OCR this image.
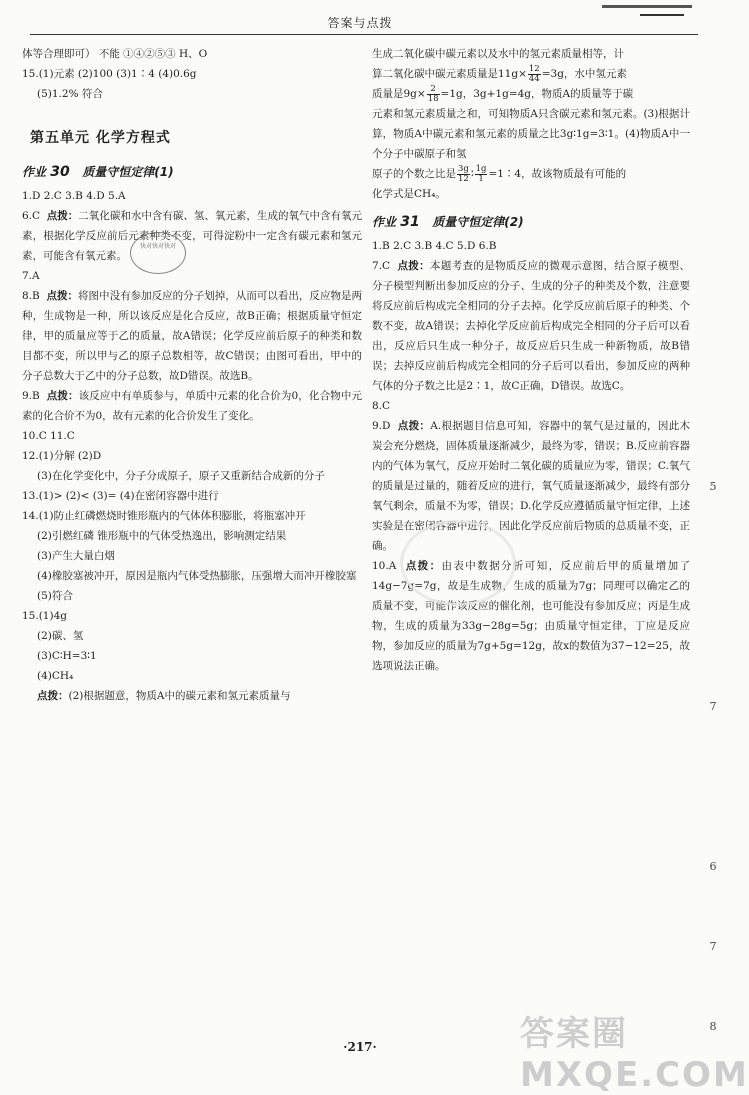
答案与点拨

体等合理即可） 不能 ①④②⑤③ H、O

15.(1)元素 (2)100 (3)1∶4 (4)0.6g

(5)1.2% 符合

第五单元 化学方程式

作业 30 质量守恒定律(1)

1.D 2.C 3.B 4.D 5.A

6.C 点拨：二氧化碳和水中含有碳、氢、氧元素，生成的氧气中含有氧元素，根据化学反应前后元素种类不变，可得淀粉中一定含有碳元素和氢元素，可能含有氧元素。

7.A

8.B 点拨：将图中没有参加反应的分子划掉，从而可以看出，反应物是两种，生成物是一种，所以该反应是化合反应，故B正确；根据质量守恒定律，甲的质量应等于乙的质量，故A错误；化学反应前后原子的种类和数目都不变，所以甲与乙的原子总数相等，故C错误；由图可看出，甲中的分子总数大于乙中的分子总数，故D错误。故选B。

9.B 点拨：该反应中有单质参与，单质中元素的化合价为0，化合物中元素的化合价不为0，故有元素的化合价发生了变化。

10.C 11.C

12.(1)分解 (2)D

(3)在化学变化中，分子分成原子，原子又重新结合成新的分子

13.(1)> (2)< (3)= (4)在密闭容器中进行

14.(1)防止红磷燃烧时锥形瓶内的气体体积膨胀，将瓶塞冲开

(2)引燃红磷 锥形瓶中的气体受热逸出，影响测定结果

(3)产生大量白烟

(4)橡胶塞被冲开，原因是瓶内气体受热膨胀，压强增大而冲开橡胶塞

(5)符合

15.(1)4g

(2)碳、氢

(3)C∶H=3∶1

(4)CH₄

点拨：(2)根据题意，物质A中的碳元素和氢元素质量与

快对快对快对

生成二氧化碳中碳元素以及水中的氢元素质量相等，计

算二氧化碳中碳元素质量是$11g\times \frac{12}{44} =3g$，水中氢元素

质量是$9g\times \frac{2}{18} =1g$，3g+1g=4g，物质A的质量等于碳

元素和氢元素质量之和，可知物质A只含碳元素和氢元素。(3)根据计算，物质A中碳元素和氢元素的质量之比3g∶1g=3∶1。(4)物质A中一个分子中碳原子和氢

原子的个数之比是 $\frac{3g}{12}$ ∶ $\frac{1g}{1}$ =1∶4，故该物质最有可能的

化学式是CH₄。

作业 31 质量守恒定律(2)

1.B 2.C 3.B 4.C 5.D 6.B

7.C 点拨：本题考查的是物质反应的微观示意图，结合原子模型、分子模型判断出参加反应的分子、生成的分子的种类及个数，注意要将反应前后构成完全相同的分子去掉。化学反应前后原子的种类、个数不变，故A错误；去掉化学反应前后构成完全相同的分子后可以看出，反应后只生成一种分子，故反应后只生成一种新物质，故B错误；去掉反应前后构成完全相同的分子后可以看出，参加反应的两种气体的分子数之比是2∶1，故C正确，D错误。故选C。

8.C

9.D 点拨：A.根据题目信息可知，容器中的氧气是过量的，因此木炭会充分燃烧，固体质量逐渐减少，最终为零，错误；B.反应前容器内的气体为氧气，反应开始时二氧化碳的质量应为零，错误；C.氧气的质量是过量的，随着反应的进行，氧气质量逐渐减少，最终有部分氧气剩余，质量不为零，错误；D.化学反应遵循质量守恒定律，上述实验是在密闭容器中进行，因此化学反应前后物质的总质量不变，正确。

10.A 点拨：由表中数据分析可知，反应前后甲的质量增加了14g−7g=7g，故是生成物，生成的质量为7g；同理可以确定乙的质量不变，可能作该反应的催化剂，也可能没有参加反应；丙是生成物，生成的质量为33g−28g=5g；由质量守恒定律，丁应是反应物，参加反应的质量为7g+5g=12g，故x的数值为37−12=25，故选项说法正确。

5
7
6
7
8
答案圈 MXQE.COM
·217·
